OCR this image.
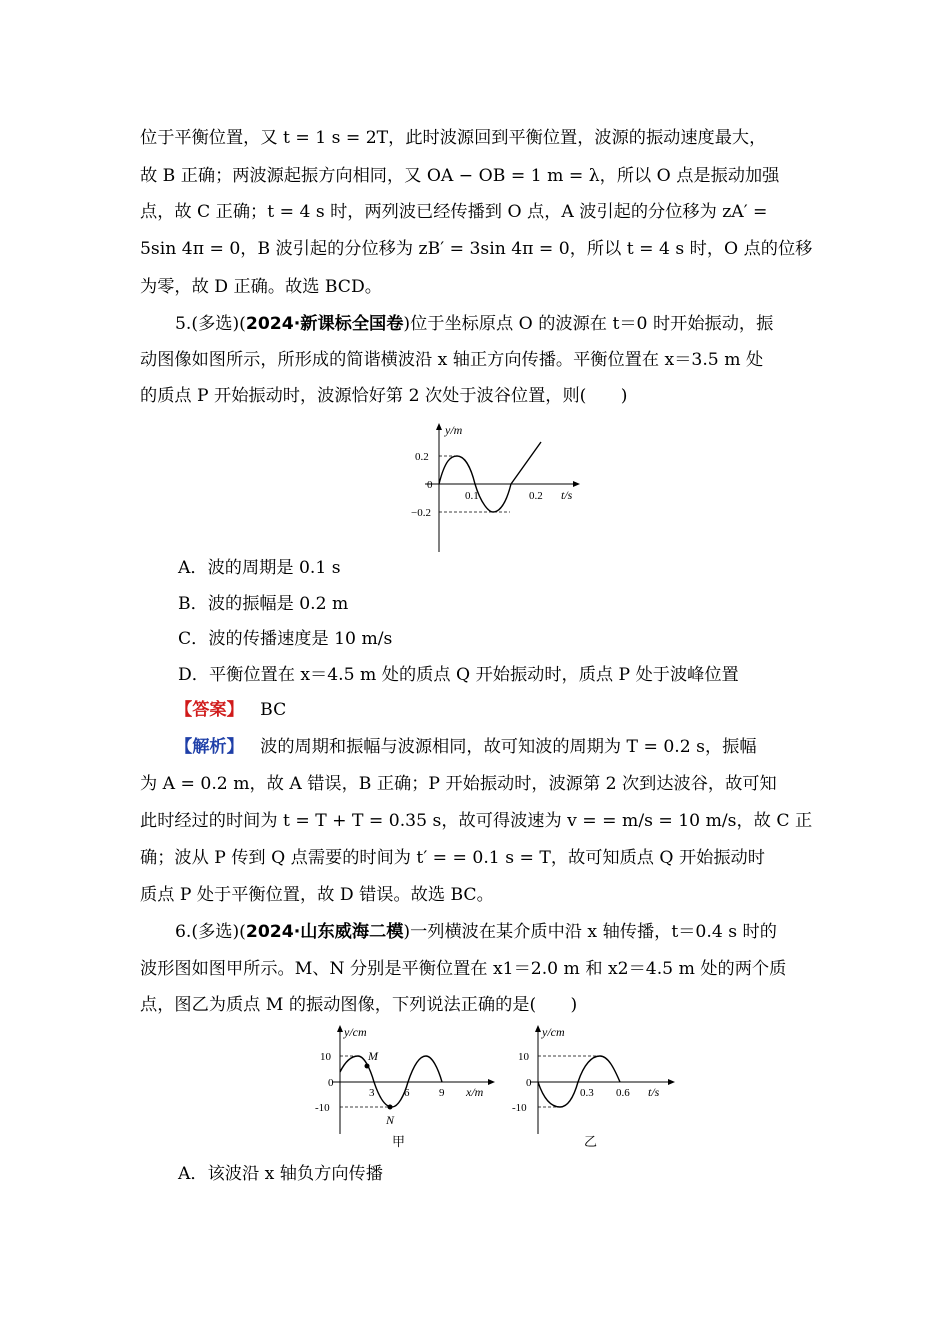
位于平衡位置，又 t = 1 s = 2T，此时波源回到平衡位置，波源的振动速度最大，
故 B 正确；两波源起振方向相同，又 OA − OB = 1 m = λ，所以 O 点是振动加强
点，故 C 正确；t = 4 s 时，两列波已经传播到 O 点，A 波引起的分位移为 zA′ =
5sin 4π = 0，B 波引起的分位移为 zB′ = 3sin 4π = 0，所以 t = 4 s 时，O 点的位移
为零，故 D 正确。故选 BCD。
5.(多选)(2024·新课标全国卷)位于坐标原点 O 的波源在 t＝0 时开始振动，振
动图像如图所示，所形成的简谐横波沿 x 轴正方向传播。平衡位置在 x＝3.5 m 处
的质点 P 开始振动时，波源恰好第 2 次处于波谷位置，则(　　)
y/m
0.2
0
−0.2
0.1	0.2 t/s
A．波的周期是 0.1 s
B．波的振幅是 0.2 m
C．波的传播速度是 10 m/s
D．平衡位置在 x＝4.5 m 处的质点 Q 开始振动时，质点 P 处于波峰位置
【答案】 BC
【解析】 波的周期和振幅与波源相同，故可知波的周期为 T = 0.2 s，振幅
为 A = 0.2 m，故 A 错误，B 正确；P 开始振动时，波源第 2 次到达波谷，故可知
此时经过的时间为 t = T + T = 0.35 s，故可得波速为 v = = m/s = 10 m/s，故 C 正
确；波从 P 传到 Q 点需要的时间为 t′ = = 0.1 s = T，故可知质点 Q 开始振动时
质点 P 处于平衡位置，故 D 错误。故选 BC。
6.(多选)(2024·山东威海二模)一列横波在某介质中沿 x 轴传播，t＝0.4 s 时的
波形图如图甲所示。M、N 分别是平衡位置在 x1＝2.0 m 和 x2＝4.5 m 处的两个质
点，图乙为质点 M 的振动图像，下列说法正确的是(　　)
y/cm
10
0
-10
M
N
3	6	9 x/m
甲
y/cm
10
0
-10
0.3 0.6 t/s
乙
A．该波沿 x 轴负方向传播
